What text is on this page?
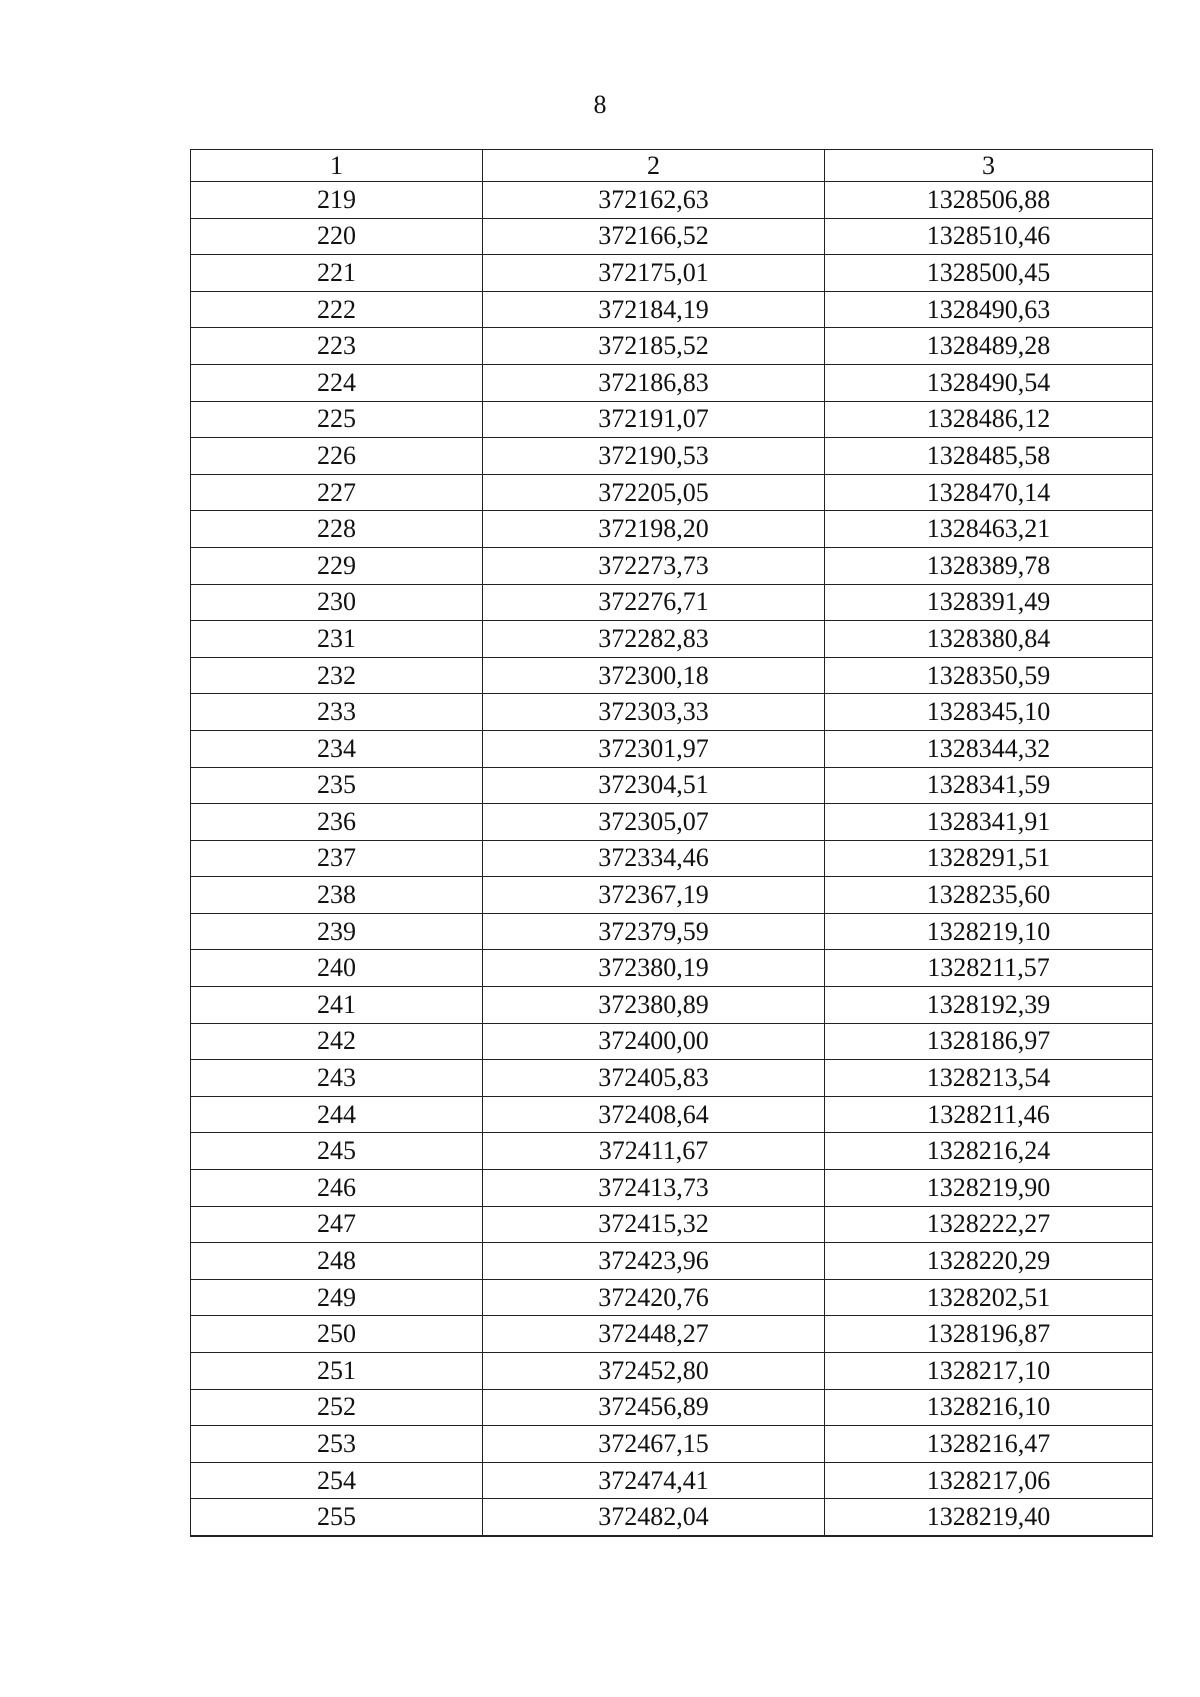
8
1	2	3
219	372162,63	1328506,88
220	372166,52	1328510,46
221	372175,01	1328500,45
222	372184,19	1328490,63
223	372185,52	1328489,28
224	372186,83	1328490,54
225	372191,07	1328486,12
226	372190,53	1328485,58
227	372205,05	1328470,14
228	372198,20	1328463,21
229	372273,73	1328389,78
230	372276,71	1328391,49
231	372282,83	1328380,84
232	372300,18	1328350,59
233	372303,33	1328345,10
234	372301,97	1328344,32
235	372304,51	1328341,59
236	372305,07	1328341,91
237	372334,46	1328291,51
238	372367,19	1328235,60
239	372379,59	1328219,10
240	372380,19	1328211,57
241	372380,89	1328192,39
242	372400,00	1328186,97
243	372405,83	1328213,54
244	372408,64	1328211,46
245	372411,67	1328216,24
246	372413,73	1328219,90
247	372415,32	1328222,27
248	372423,96	1328220,29
249	372420,76	1328202,51
250	372448,27	1328196,87
251	372452,80	1328217,10
252	372456,89	1328216,10
253	372467,15	1328216,47
254	372474,41	1328217,06
255	372482,04	1328219,40
